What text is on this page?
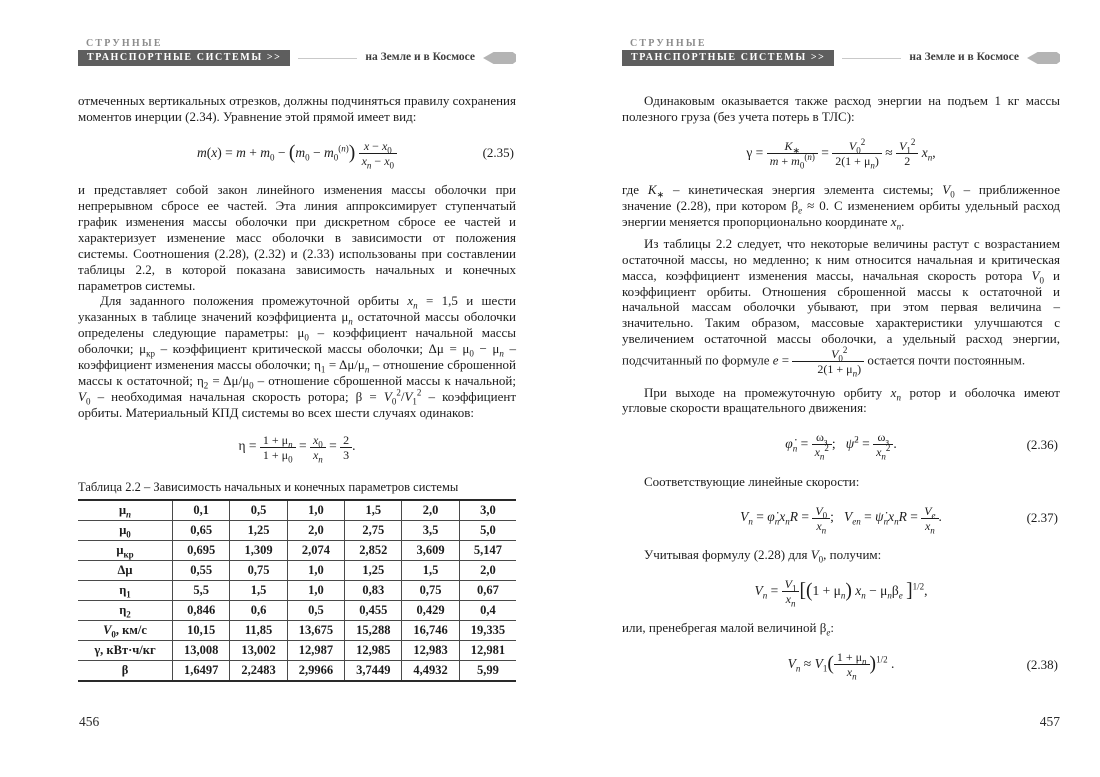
СТРУННЫЕ
ТРАНСПОРТНЫЕ СИСТЕМЫ >>	на Земле и в Космосе

отмеченных вертикальных отрезков, должны подчиняться правилу сохранения моментов инерции (2.34). Уравнение этой прямой имеет вид:

$m(x) = m + m_0 - (m_0 - m_0^{(n)}) \frac{x - x_0}{x_n - x_0}$	(2.35)

и представляет собой закон линейного изменения массы оболочки при непрерывном сбросе ее частей. Эта линия аппроксимирует ступенчатый график изменения массы оболочки при дискретном сбросе ее частей и характеризует изменение масс оболочки в зависимости от положения системы. Соотношения (2.28), (2.32) и (2.33) использованы при составлении таблицы 2.2, в которой показана зависимость начальных и конечных параметров системы.

Для заданного положения промежуточной орбиты $x_n = 1,5$ и шести указанных в таблице значений коэффициента $\mu_n$ остаточной массы оболочки определены следующие параметры: $\mu_0$ – коэффициент начальной массы оболочки; $\mu_{кр}$ – коэффициент критической массы оболочки; $\Delta\mu = \mu_0 - \mu_n$ – коэффициент изменения массы оболочки; $\eta_1 = \Delta\mu/\mu_n$ – отношение сброшенной массы к остаточной; $\eta_2 = \Delta\mu/\mu_0$ – отношение сброшенной массы к начальной; $V_0$ – необходимая начальная скорость ротора; $\beta = V_0^2/V_1^2$ – коэффициент орбиты. Материальный КПД системы во всех шести случаях одинаков:

$\eta = \frac{1 + \mu_n}{1 + \mu_0} = \frac{x_0}{x_n} = \frac{2}{3}$ .
Таблица 2.2 – Зависимость начальных и конечных параметров системы
$\mu_n$	0,1	0,5	1,0	1,5	2,0	3,0
$\mu_0$	0,65	1,25	2,0	2,75	3,5	5,0
$\mu_{кр}$	0,695	1,309	2,074	2,852	3,609	5,147
Δμ	0,55	0,75	1,0	1,25	1,5	2,0
$\eta_1$	5,5	1,5	1,0	0,83	0,75	0,67
$\eta_2$	0,846	0,6	0,5	0,455	0,429	0,4
$V_0$, км/с	10,15	11,85	13,675	15,288	16,746	19,335
γ, кВт·ч/кг	13,008	13,002	12,987	12,985	12,983	12,981
β	1,6497	2,2483	2,9966	3,7449	4,4932	5,99
СТРУННЫЕ
ТРАНСПОРТНЫЕ СИСТЕМЫ >>	на Земле и в Космосе

Одинаковым оказывается также расход энергии на подъем 1 кг массы полезного груза (без учета потерь в ТЛС):

$\gamma = \frac{K_∗}{m + m_0^{(n)}} = \frac{V_0^2}{2(1 + \mu_n)} \approx \frac{V_1^2}{2} x_n$,

где $K_∗$ – кинетическая энергия элемента системы; $V_0$ – приближенное значение (2.28), при котором $\beta_e \approx 0$. С изменением орбиты удельный расход энергии меняется пропорционально координате $x_n$.

Из таблицы 2.2 следует, что некоторые величины растут с возрастанием остаточной массы, но медленно; к ним относится начальная и критическая масса, коэффициент изменения массы, начальная скорость ротора $V_0$ и коэффициент орбиты. Отношения сброшенной массы к остаточной и начальной массам оболочки убывают, при этом первая величина – значительно. Таким образом, массовые характеристики улучшаются с увеличением остаточной массы оболочки, а удельный расход энергии, подсчитанный по формуле $e = \frac{V_0^2}{2(1 + \mu_n)}$ остается почти постоянным.

При выходе на промежуточную орбиту $x_n$ ротор и оболочка имеют угловые скорости вращательного движения:

$\varphi̇_n = \frac{\omega_з}{x_n^2}$ ;   ψ̇$^2$ = $\frac{\omega_з}{x_n^2}$ .	(2.36)

Соответствующие линейные скорости:

$V_n$ = $\varphi̇_nx_nR = \frac{V_0}{x_n}$ ;   $V_{en}$ = $\psi̇_nx_nR = \frac{V_e}{x_n}$ .	(2.37)

Учитывая формулу (2.28) для $V_0$, получим:

$V_n = \frac{V_1}{x_n} [(1 + \mu_n) x_n - \mu_n\beta_e$ ]$^{1/2}$,

или, пренебрегая малой величиной $\beta_e$:

$V_n \approx V_1( \frac{1 + \mu_n}{x_n} )^{1/2}$ .	(2.38)
456	457
